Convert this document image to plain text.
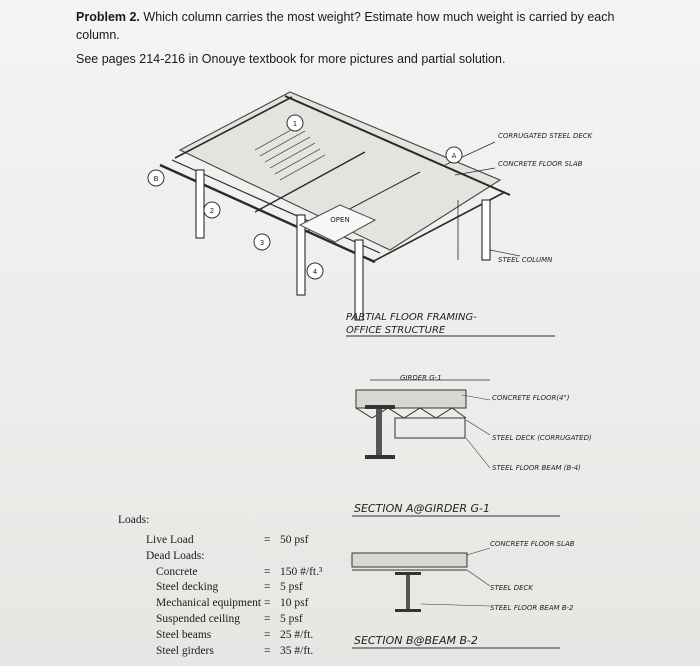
Problem 2. Which column carries the most weight? Estimate how much weight is carried by each column.
See pages 214-216 in Onouye textbook for more pictures and partial solution.
B
A
1
2
3
4
OPEN
CORRUGATED STEEL DECK
CONCRETE FLOOR SLAB
STEEL COLUMN
PARTIAL FLOOR FRAMING-
OFFICE STRUCTURE
GIRDER G-1
CONCRETE FLOOR(4")
STEEL DECK (CORRUGATED)
STEEL FLOOR BEAM (B-4)
SECTION A@GIRDER G-1
CONCRETE FLOOR SLAB
STEEL DECK
STEEL FLOOR BEAM B-2
SECTION B@BEAM B-2
Loads:
Live Load	= 50 psf
Dead Loads:
Concrete	= 150 #/ft.³
Steel decking	= 5 psf
Mechanical equipment = 10 psf
Suspended ceiling = 5 psf
Steel beams	= 25 #/ft.
Steel girders	= 35 #/ft.
